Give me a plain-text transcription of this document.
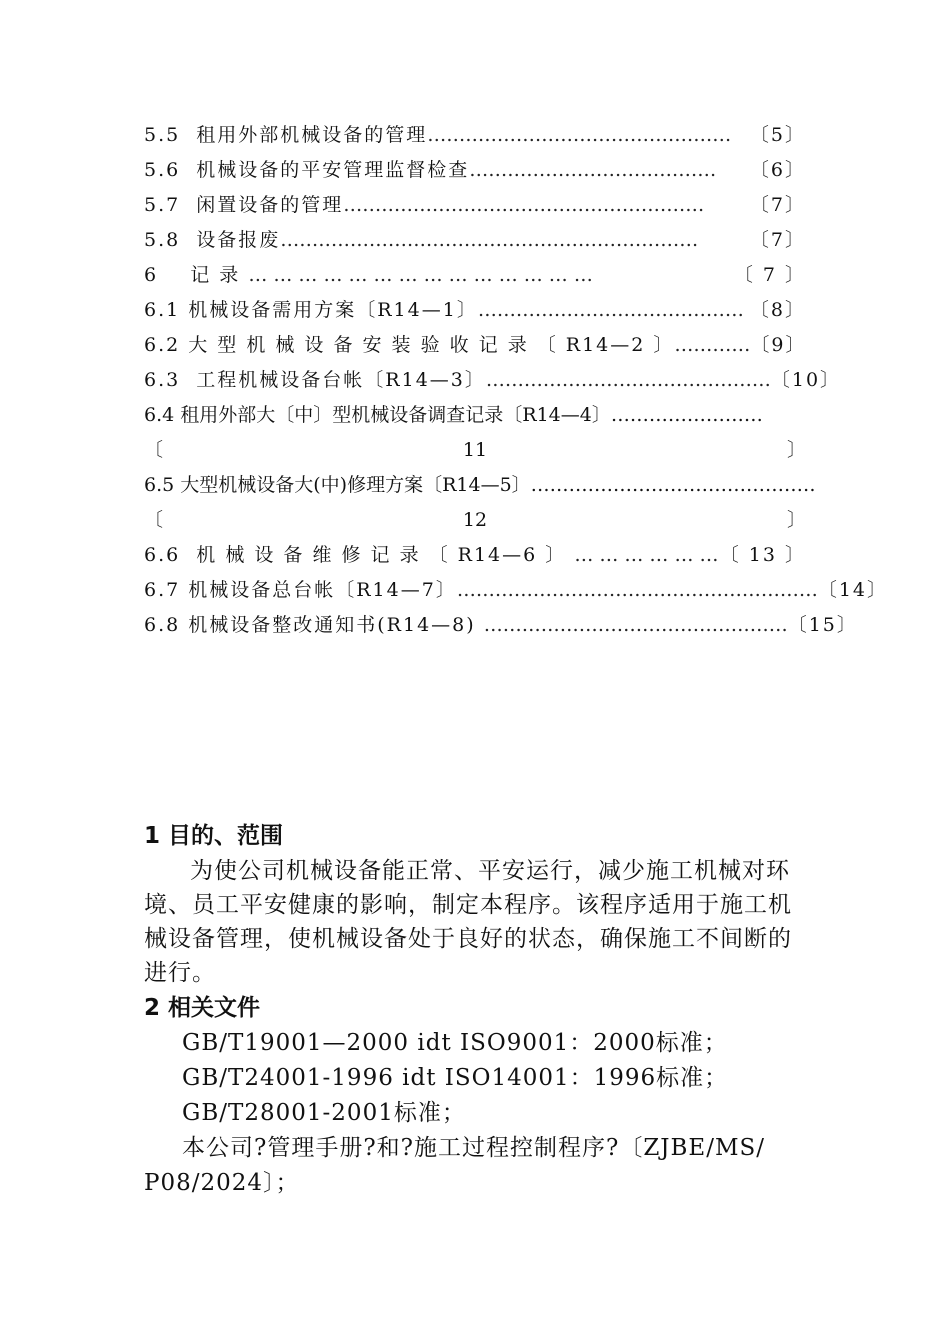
5.5  租用外部机械设备的管理 ………………………………………… 〔5〕
5.6  机械设备的平安管理监督检查 …………………………………	〔6〕
5.7  闲置设备的管理 …………………………………………………	〔7〕
5.8  设备报废 …………………………………………………………	〔7〕
6    记 录 … … … … … … … … … … … … … …	〔 7 〕
6.1 机械设备需用方案〔R14—1〕 …………………………………… 〔8〕
6.2 大 型 机 械 设 备 安 装 验 收 记 录 〔 R14—2 〕 ………… 〔9〕
6.3  工程机械设备台帐〔R14—3〕 ……………………………………… 〔10〕
6.4 租用外部大〔中〕型机械设备调查记录〔R14—4〕……………………
〔	11	〕
6.5 大型机械设备大(中)修理方案〔R14—5〕………………………………………
〔	12	〕
6.6  机 械 设 备 维 修 记 录 〔 R14—6 〕 … … … … … … 〔 13 〕
6.7 机械设备总台帐〔R14—7〕 ………………………………………………… 〔14〕
6.8 机械设备整改通知书(R14—8) ………………………………………… 〔15〕
1 目的、范围
为使公司机械设备能正常、平安运行，减少施工机械对环境、员工平安健康的影响，制定本程序。该程序适用于施工机械设备管理，使机械设备处于良好的状态，确保施工不间断的进行。
2 相关文件
GB/T19001—2000 idt ISO9001：2000标准；
GB/T24001-1996 idt ISO14001：1996标准；
GB/T28001-2001标准；
本公司?管理手册?和?施工过程控制程序?〔ZJBE/MS/
P08/2024〕；
